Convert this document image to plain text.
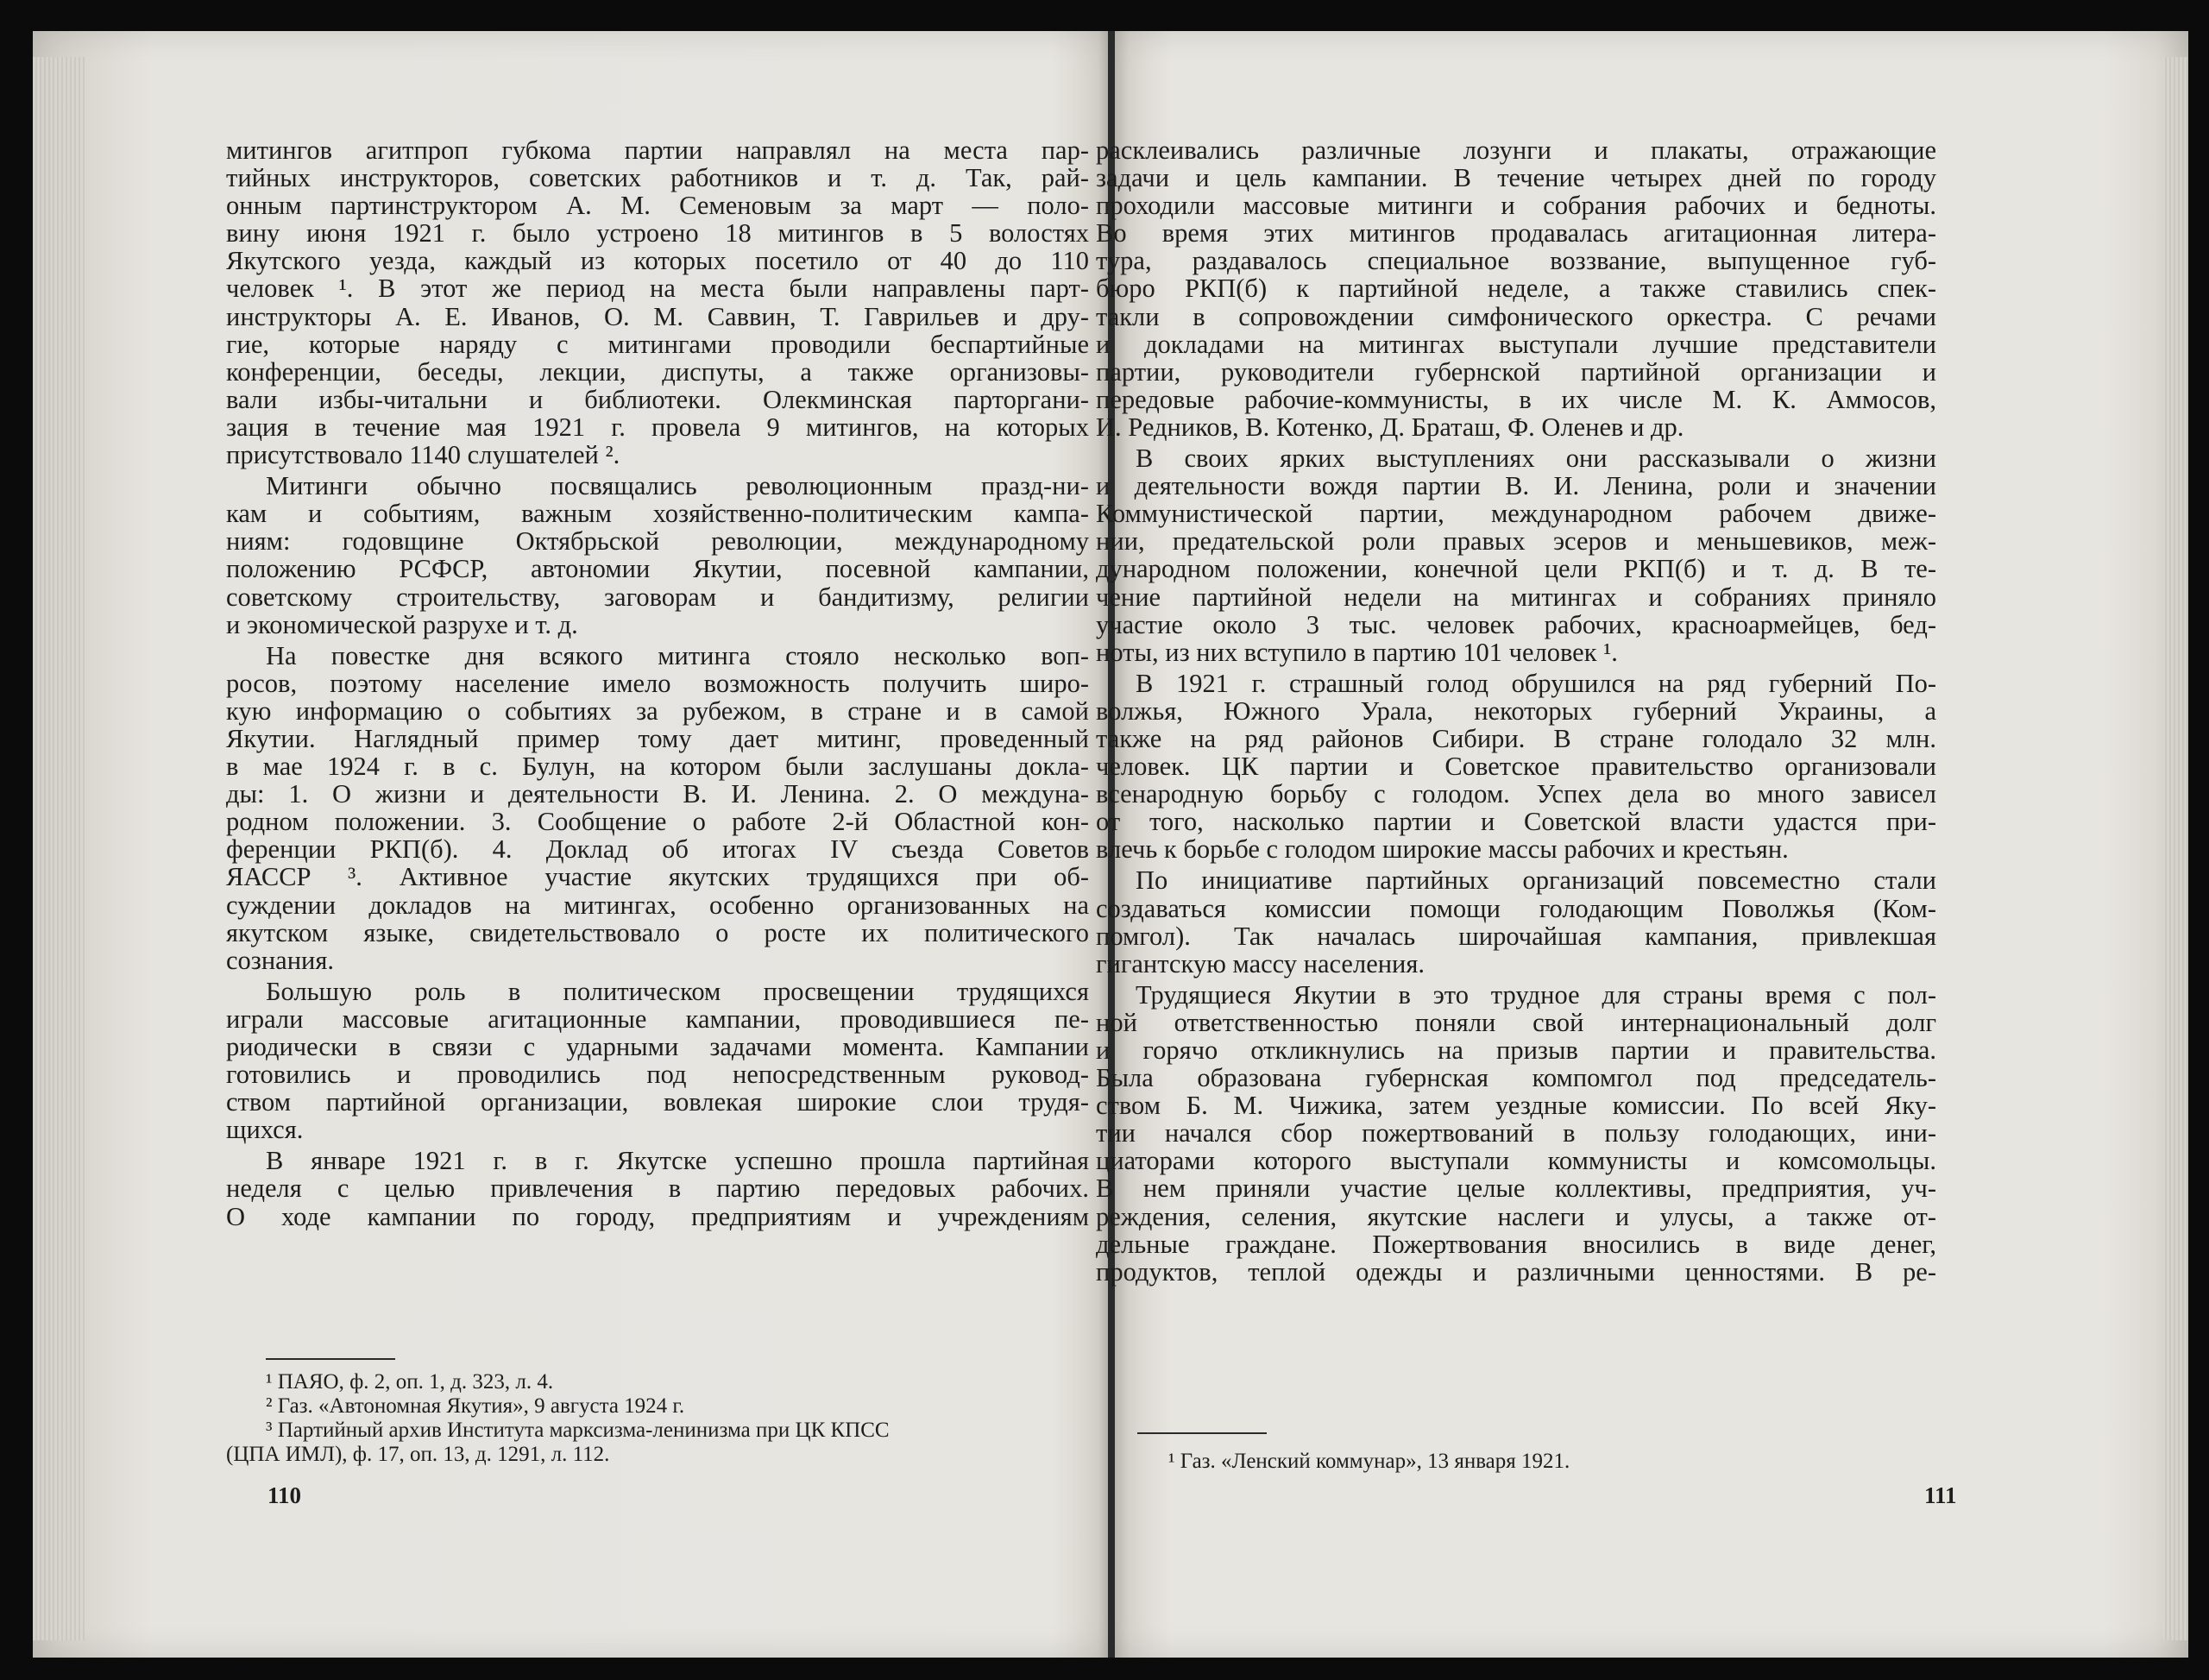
митингов агитпроп губкома партии направлял на места пар-
тийных инструкторов, советских работников и т. д. Так, рай-
онным партинструктором А. М. Семеновым за март — поло-
вину июня 1921 г. было устроено 18 митингов в 5 волостях
Якутского уезда, каждый из которых посетило от 40 до 110
человек ¹. В этот же период на места были направлены парт-
инструкторы А. Е. Иванов, О. М. Саввин, Т. Гаврильев и дру-
гие, которые наряду с митингами проводили беспартийные
конференции, беседы, лекции, диспуты, а также организовы-
вали избы-читальни и библиотеки. Олекминская парторгани-
зация в течение мая 1921 г. провела 9 митингов, на которых
присутствовало 1140 слушателей ².
Митинги обычно посвящались революционным празд-ни-
кам и событиям, важным хозяйственно-политическим кампа-
ниям: годовщине Октябрьской революции, международному
положению РСФСР, автономии Якутии, посевной кампании,
советскому строительству, заговорам и бандитизму, религии
и экономической разрухе и т. д.
На повестке дня всякого митинга стояло несколько воп-
росов, поэтому население имело возможность получить широ-
кую информацию о событиях за рубежом, в стране и в самой
Якутии. Наглядный пример тому дает митинг, проведенный
в мае 1924 г. в с. Булун, на котором были заслушаны докла-
ды: 1. О жизни и деятельности В. И. Ленина. 2. О междуна-
родном положении. 3. Сообщение о работе 2-й Областной кон-
ференции РКП(б). 4. Доклад об итогах IV съезда Советов
ЯАССР ³. Активное участие якутских трудящихся при об-
суждении докладов на митингах, особенно организованных на
якутском языке, свидетельствовало о росте их политического
сознания.
Большую роль в политическом просвещении трудящихся
играли массовые агитационные кампании, проводившиеся пе-
риодически в связи с ударными задачами момента. Кампании
готовились и проводились под непосредственным руковод-
ством партийной организации, вовлекая широкие слои трудя-
щихся.
В январе 1921 г. в г. Якутске успешно прошла партийная
неделя с целью привлечения в партию передовых рабочих.
О ходе кампании по городу, предприятиям и учреждениям
расклеивались различные лозунги и плакаты, отражающие
задачи и цель кампании. В течение четырех дней по городу
проходили массовые митинги и собрания рабочих и бедноты.
Во время этих митингов продавалась агитационная литера-
тура, раздавалось специальное воззвание, выпущенное губ-
бюро РКП(б) к партийной неделе, а также ставились спек-
такли в сопровождении симфонического оркестра. С речами
и докладами на митингах выступали лучшие представители
партии, руководители губернской партийной организации и
передовые рабочие-коммунисты, в их числе М. К. Аммосов,
И. Редников, В. Котенко, Д. Браташ, Ф. Оленев и др.
В своих ярких выступлениях они рассказывали о жизни
и деятельности вождя партии В. И. Ленина, роли и значении
Коммунистической партии, международном рабочем движе-
нии, предательской роли правых эсеров и меньшевиков, меж-
дународном положении, конечной цели РКП(б) и т. д. В те-
чение партийной недели на митингах и собраниях приняло
участие около 3 тыс. человек рабочих, красноармейцев, бед-
ноты, из них вступило в партию 101 человек ¹.
В 1921 г. страшный голод обрушился на ряд губерний По-
волжья, Южного Урала, некоторых губерний Украины, а
также на ряд районов Сибири. В стране голодало 32 млн.
человек. ЦК партии и Советское правительство организовали
всенародную борьбу с голодом. Успех дела во много зависел
от того, насколько партии и Советской власти удастся при-
влечь к борьбе с голодом широкие массы рабочих и крестьян.
По инициативе партийных организаций повсеместно стали
создаваться комиссии помощи голодающим Поволжья (Ком-
помгол). Так началась широчайшая кампания, привлекшая
гигантскую массу населения.
Трудящиеся Якутии в это трудное для страны время с пол-
ной ответственностью поняли свой интернациональный долг
и горячо откликнулись на призыв партии и правительства.
Была образована губернская компомгол под председатель-
ством Б. М. Чижика, затем уездные комиссии. По всей Яку-
тии начался сбор пожертвований в пользу голодающих, ини-
циаторами которого выступали коммунисты и комсомольцы.
В нем приняли участие целые коллективы, предприятия, уч-
реждения, селения, якутские наслеги и улусы, а также от-
дельные граждане. Пожертвования вносились в виде денег,
продуктов, теплой одежды и различными ценностями. В ре-
¹ ПАЯО, ф. 2, оп. 1, д. 323, л. 4.
² Газ. «Автономная Якутия», 9 августа 1924 г.
³ Партийный архив Института марксизма-ленинизма при ЦК КПСС
(ЦПА ИМЛ), ф. 17, оп. 13, д. 1291, л. 112.
110
¹ Газ. «Ленский коммунар», 13 января 1921.
111
